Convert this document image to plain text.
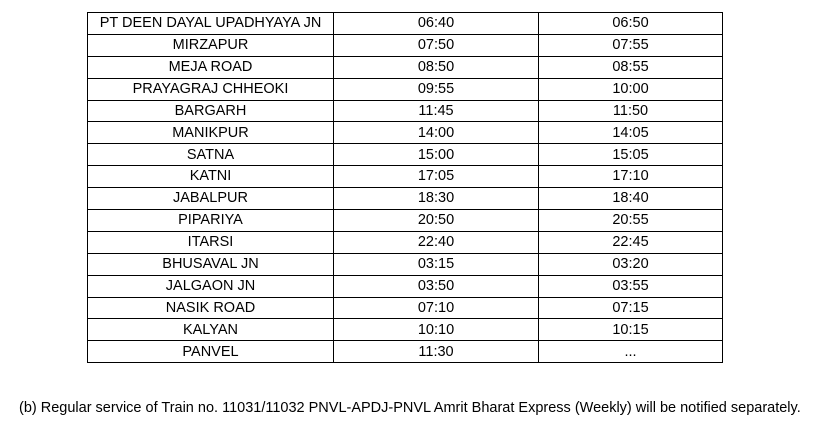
PT DEEN DAYAL UPADHYAYA JN	06:40	06:50
MIRZAPUR	07:50	07:55
MEJA ROAD	08:50	08:55
PRAYAGRAJ CHHEOKI	09:55	10:00
BARGARH	11:45	11:50
MANIKPUR	14:00	14:05
SATNA	15:00	15:05
KATNI	17:05	17:10
JABALPUR	18:30	18:40
PIPARIYA	20:50	20:55
ITARSI	22:40	22:45
BHUSAVAL JN	03:15	03:20
JALGAON JN	03:50	03:55
NASIK ROAD	07:10	07:15
KALYAN	10:10	10:15
PANVEL	11:30	...

(b) Regular service of Train no. 11031/11032 PNVL-APDJ-PNVL Amrit Bharat Express (Weekly) will be notified separately.
